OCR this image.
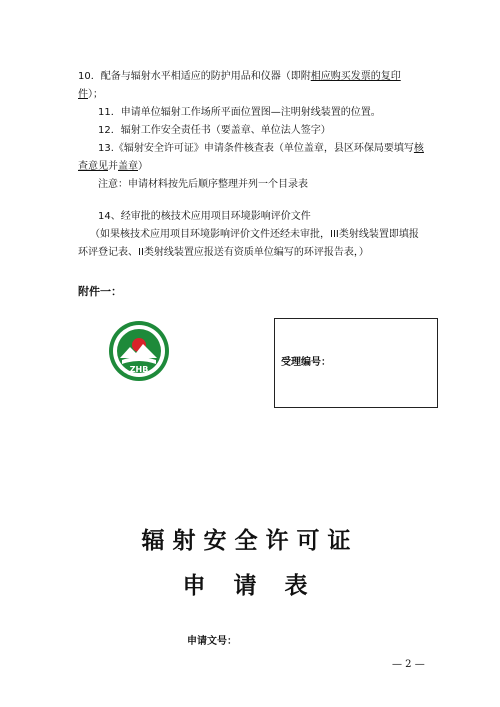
10．配备与辐射水平相适应的防护用品和仪器（即附相应购买发票的复印
件）；
11．申请单位辐射工作场所平面位置图—注明射线装置的位置。
12．辐射工作安全责任书（要盖章、单位法人签字）
13.《辐射安全许可证》申请条件核查表（单位盖章，县区环保局要填写核
查意见并盖章）
注意：申请材料按先后顺序整理并列一个目录表
14、经审批的核技术应用项目环境影响评价文件
（如果核技术应用项目环境影响评价文件还经未审批，III类射线装置即填报
环评登记表、II类射线装置应报送有资质单位编写的环评报告表，）
附件一：
ZHB
受理编号：
辐射安全许可证
申 请 表
申请文号：
— 2 —
